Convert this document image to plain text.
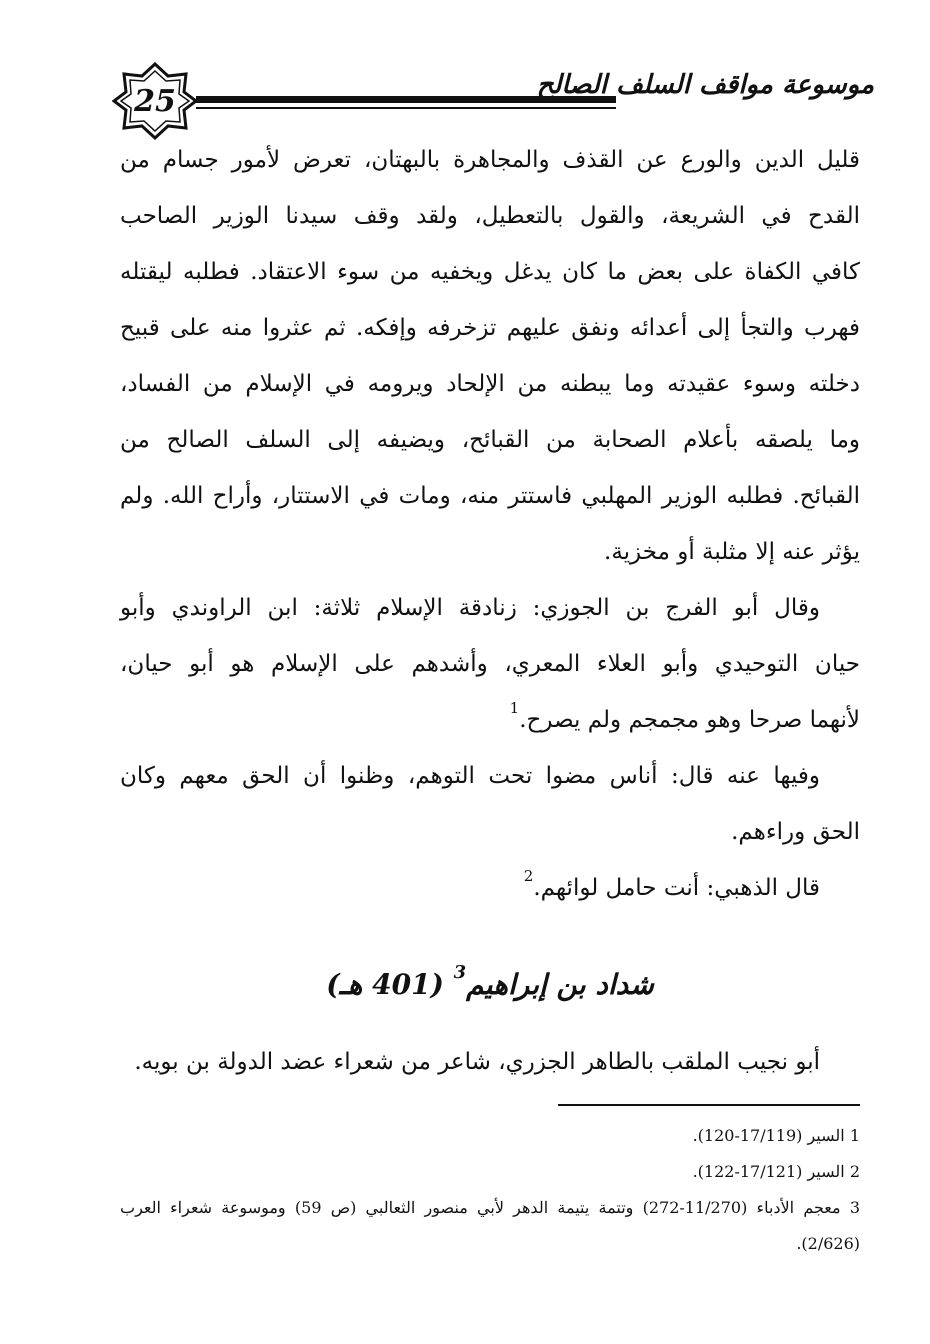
25	موسوعة مواقف السلف الصالح
قليل الدين والورع عن القذف والمجاهرة بالبهتان، تعرض لأمور جسام من
القدح في الشريعة، والقول بالتعطيل، ولقد وقف سيدنا الوزير الصاحب
كافي الكفاة على بعض ما كان يدغل ويخفيه من سوء الاعتقاد. فطلبه ليقتله
فهرب والتجأ إلى أعدائه ونفق عليهم تزخرفه وإفكه. ثم عثروا منه على قبيح
دخلته وسوء عقيدته وما يبطنه من الإلحاد ويرومه في الإسلام من الفساد،
وما يلصقه بأعلام الصحابة من القبائح، ويضيفه إلى السلف الصالح من
القبائح. فطلبه الوزير المهلبي فاستتر منه، ومات في الاستتار، وأراح الله. ولم
يؤثر عنه إلا مثلبة أو مخزية.
وقال أبو الفرج بن الجوزي: زنادقة الإسلام ثلاثة: ابن الراوندي وأبو
حيان التوحيدي وأبو العلاء المعري، وأشدهم على الإسلام هو أبو حيان،
لأنهما صرحا وهو مجمجم ولم يصرح.$^1$
وفيها عنه قال: أناس مضوا تحت التوهم، وظنوا أن الحق معهم وكان
الحق وراءهم.
قال الذهبي: أنت حامل لوائهم.$^2$
شداد بن إبراهيم$^3$ (401 هـ)
أبو نجيب الملقب بالطاهر الجزري، شاعر من شعراء عضد الدولة بن بويه.
1 السير (17/119-120).
2 السير (17/121-122).
3 معجم الأدباء (11/270-272) وتتمة يتيمة الدهر لأبي منصور الثعالبي (ص 59) وموسوعة شعراء العرب
(2/626).
